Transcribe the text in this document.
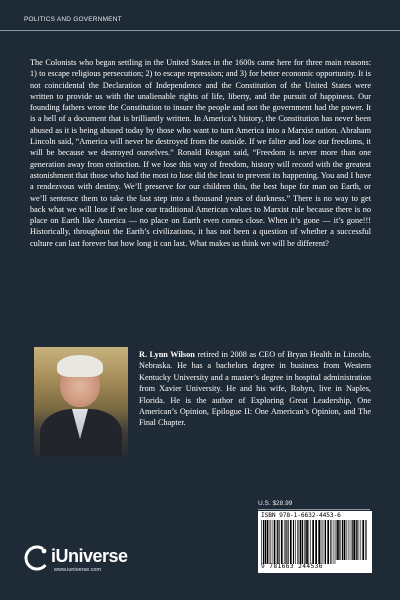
POLITICS AND GOVERNMENT

The Colonists who began settling in the United States in the 1600s came here for three main reasons: 1) to escape religious persecution; 2) to escape repression; and 3) for better economic opportunity. It is not coincidental the Declaration of Independence and the Constitution of the United States were written to provide us with the unalienable rights of life, liberty, and the pursuit of happiness. Our founding fathers wrote the Constitution to insure the people and not the government had the power. It is a hell of a document that is brilliantly written. In America’s history, the Constitution has never been abused as it is being abused today by those who want to turn America into a Marxist nation. Abraham Lincoln said, “America will never be destroyed from the outside. If we falter and lose our freedoms, it will be because we destroyed ourselves.” Ronald Reagan said, “Freedom is never more than one generation away from extinction. If we lose this way of freedom, history will record with the greatest astonishment that those who had the most to lose did the least to prevent its happening. You and I have a rendezvous with destiny. We’ll preserve for our children this, the best hope for man on Earth, or we’ll sentence them to take the last step into a thousand years of darkness.” There is no way to get back what we will lose if we lose our traditional American values to Marxist rule because there is no place on Earth like America — no place on Earth even comes close. When it’s gone — it’s gone!!! Historically, throughout the Earth’s civilizations, it has not been a question of whether a successful culture can last forever but how long it can last. What makes us think we will be different?

R. Lynn Wilson retired in 2008 as CEO of Bryan Health in Lincoln, Nebraska. He has a bachelors degree in business from Western Kentucky University and a master’s degree in hospital administration from Xavier University. He and his wife, Robyn, live in Naples, Florida. He is the author of Exploring Great Leadership, One American’s Opinion, Epilogue II: One American’s Opinion, and The Final Chapter.

U.S. $28.99
ISBN 978-1-6632-4453-6
9 781663 244536
iUniverse
www.iuniverse.com
